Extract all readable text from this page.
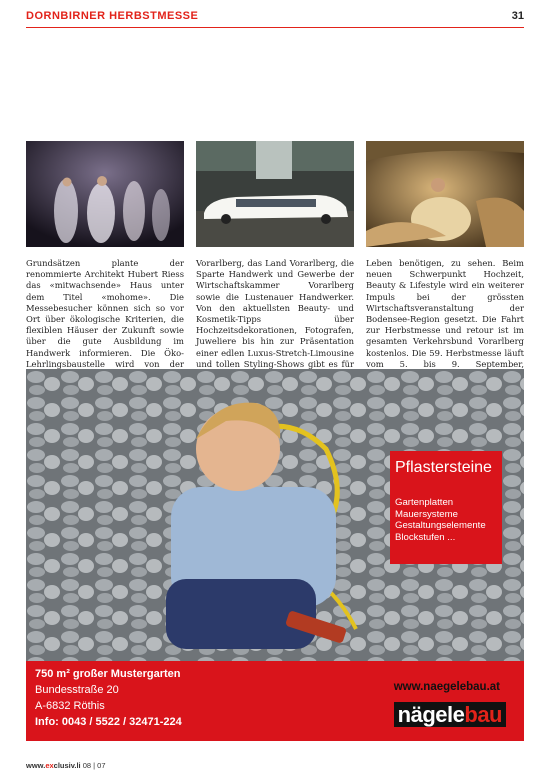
DORNBIRNER HERBSTMESSE	31
Grundsätzen plante der renommierte Architekt Hubert Riess das «mitwachsende» Haus unter dem Titel «mohome». Die Messebesucher können sich so vor Ort über ökologische Kriterien, die flexiblen Häuser der Zukunft sowie über die gute Ausbildung im Handwerk informieren. Die Öko-Lehrlingsbaustelle wird von der
Vorarlberg, das Land Vorarlberg, die Sparte Handwerk und Gewerbe der Wirtschaftskammer Vorarlberg sowie die Lustenauer Handwerker. Von den aktuellsten Beauty- und Kosmetik-Tipps über Hochzeitsdekorationen, Fotografen, Juweliere bis hin zur Präsentation einer edlen Luxus-Stretch-Limousine und tollen Styling-Shows gibt es für
Leben benötigen, zu sehen. Beim neuen Schwerpunkt Hochzeit, Beauty & Lifestyle wird ein weiterer Impuls bei der grössten Wirtschaftsveranstaltung der Bodensee-Region gesetzt. Die Fahrt zur Herbstmesse und retour ist im gesamten Verkehrsbund Vorarlberg kostenlos. Die 59. Herbstmesse läuft vom 5. bis 9. September,
Pflastersteine
Gartenplatten
Mauersysteme
Gestaltungselemente
Blockstufen ...
750 m² großer Mustergarten
Bundesstraße 20
A-6832 Röthis
Info: 0043 / 5522 / 32471-224
www.naegelebau.at
nägelebau
www.exclusiv.li 08 | 07
